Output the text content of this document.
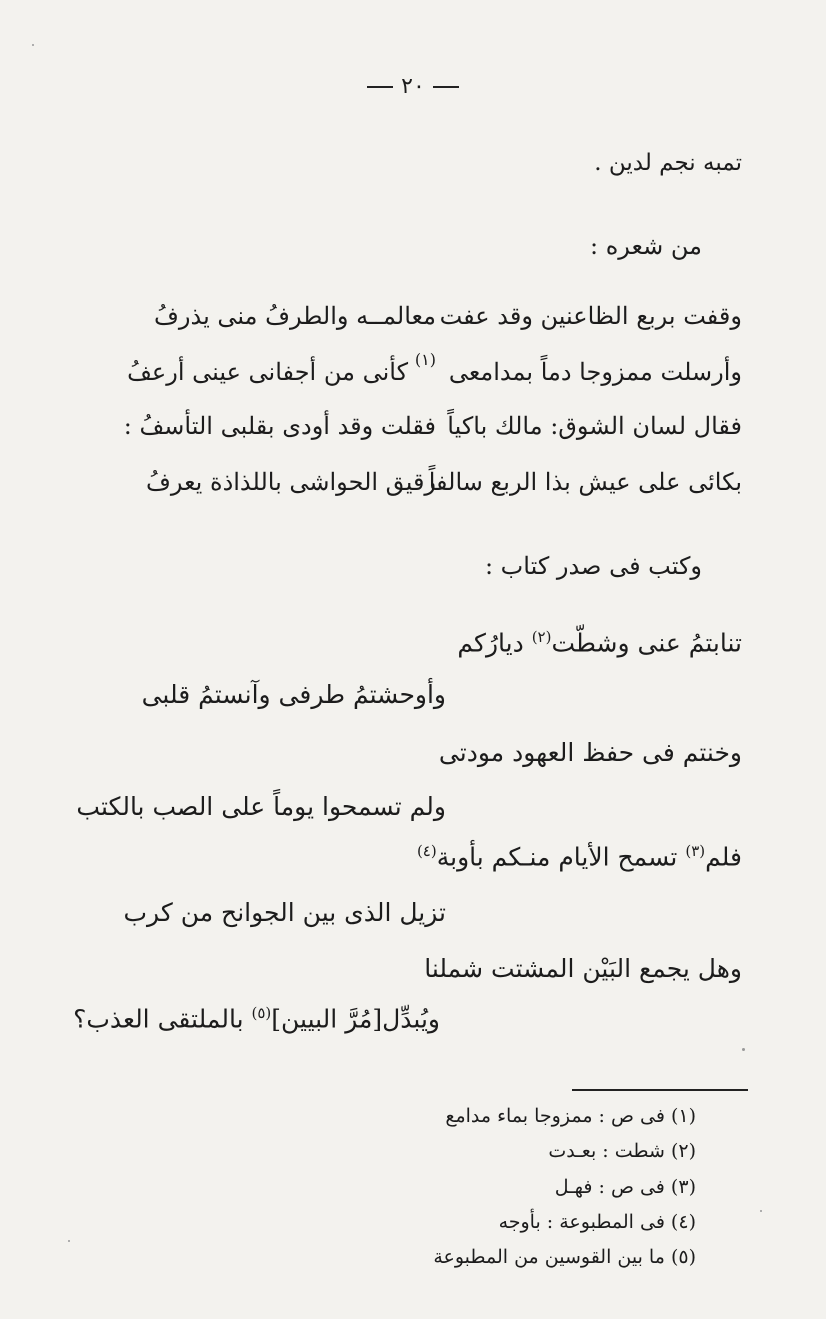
٢٠
تمبه نجم لدين .
من شعره :
وقفت بربع الظاعنين وقد عفت
معالمــه والطرفُ منى يذرفُ
وأرسلت ممزوجا دماً بمدامعى
(١)
كأنى من أجفانى عينى أرعفُ
فقال لسان الشوق: مالك باكياً
فقلت وقد أودى بقلبى التأسفُ :
بكائى على عيش بذا الربع سالفاً
رقيق الحواشى باللذاذة يعرفُ
وكتب فى صدر كتاب :
تنابتمُ عنى وشطّت$^{(٢)}$ ديارُكم
وأوحشتمُ طرفى وآنستمُ قلبى
وخنتم فى حفظ العهود مودتى
ولم تسمحوا يوماً على الصب بالكتب
فلم$^{(٣)}$ تسمح الأيام منـكم بأوبة$^{(٤)}$
تزيل الذى بين الجوانح من كرب
وهل يجمع البَيْن المشتت شملنا
ويُبدِّل[مُرَّ البيين]$^{(٥)}$ بالملتقى العذب؟
(١) فى ص : ممزوجا بماء مدامع
(٢) شطت : بعـدت
(٣) فى ص : فهـل
(٤) فى المطبوعة : بأوجه
(٥) ما بين القوسين من المطبوعة
